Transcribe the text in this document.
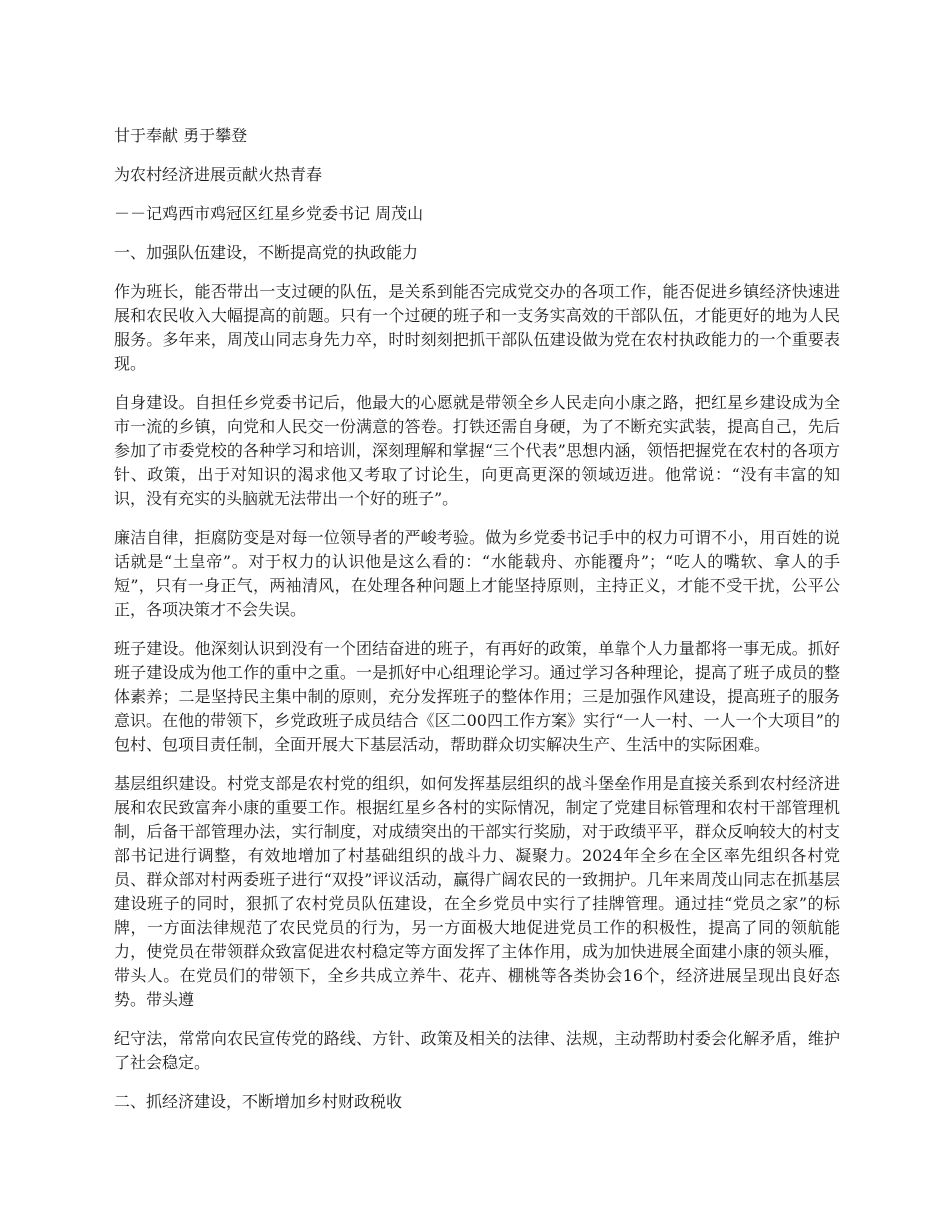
甘于奉献 勇于攀登

为农村经济进展贡献火热青春

－－记鸡西市鸡冠区红星乡党委书记 周茂山

一、加强队伍建设，不断提高党的执政能力

作为班长，能否带出一支过硬的队伍，是关系到能否完成党交办的各项工作，能否促进乡镇经济快速进展和农民收入大幅提高的前题。只有一个过硬的班子和一支务实高效的干部队伍，才能更好的地为人民服务。多年来，周茂山同志身先力卒，时时刻刻把抓干部队伍建设做为党在农村执政能力的一个重要表现。

自身建设。自担任乡党委书记后，他最大的心愿就是带领全乡人民走向小康之路，把红星乡建设成为全市一流的乡镇，向党和人民交一份满意的答卷。打铁还需自身硬，为了不断充实武装，提高自己，先后参加了市委党校的各种学习和培训，深刻理解和掌握“三个代表”思想内涵，领悟把握党在农村的各项方针、政策，出于对知识的渴求他又考取了讨论生，向更高更深的领域迈进。他常说：“没有丰富的知识，没有充实的头脑就无法带出一个好的班子”。

廉洁自律，拒腐防变是对每一位领导者的严峻考验。做为乡党委书记手中的权力可谓不小，用百姓的说话就是“土皇帝”。对于权力的认识他是这么看的：“水能载舟、亦能覆舟”；“吃人的嘴软、拿人的手短”，只有一身正气，两袖清风，在处理各种问题上才能坚持原则，主持正义，才能不受干扰，公平公正，各项决策才不会失误。

班子建设。他深刻认识到没有一个团结奋进的班子，有再好的政策，单靠个人力量都将一事无成。抓好班子建设成为他工作的重中之重。一是抓好中心组理论学习。通过学习各种理论，提高了班子成员的整体素养；二是坚持民主集中制的原则，充分发挥班子的整体作用；三是加强作风建设，提高班子的服务意识。在他的带领下，乡党政班子成员结合《区二00四工作方案》实行“一人一村、一人一个大项目”的包村、包项目责任制，全面开展大下基层活动，帮助群众切实解决生产、生活中的实际困难。

基层组织建设。村党支部是农村党的组织，如何发挥基层组织的战斗堡垒作用是直接关系到农村经济进展和农民致富奔小康的重要工作。根据红星乡各村的实际情况，制定了党建目标管理和农村干部管理机制，后备干部管理办法，实行制度，对成绩突出的干部实行奖励，对于政绩平平，群众反响较大的村支部书记进行调整，有效地增加了村基础组织的战斗力、凝聚力。2024年全乡在全区率先组织各村党员、群众部对村两委班子进行“双投”评议活动，赢得广阔农民的一致拥护。几年来周茂山同志在抓基层建设班子的同时，狠抓了农村党员队伍建设，在全乡党员中实行了挂牌管理。通过挂“党员之家”的标牌，一方面法律规范了农民党员的行为，另一方面极大地促进党员工作的积极性，提高了同的领航能力，使党员在带领群众致富促进农村稳定等方面发挥了主体作用，成为加快进展全面建小康的领头雁，带头人。在党员们的带领下，全乡共成立养牛、花卉、棚桃等各类协会16个，经济进展呈现出良好态势。带头遵

纪守法，常常向农民宣传党的路线、方针、政策及相关的法律、法规，主动帮助村委会化解矛盾，维护了社会稳定。

二、抓经济建设，不断增加乡村财政税收
